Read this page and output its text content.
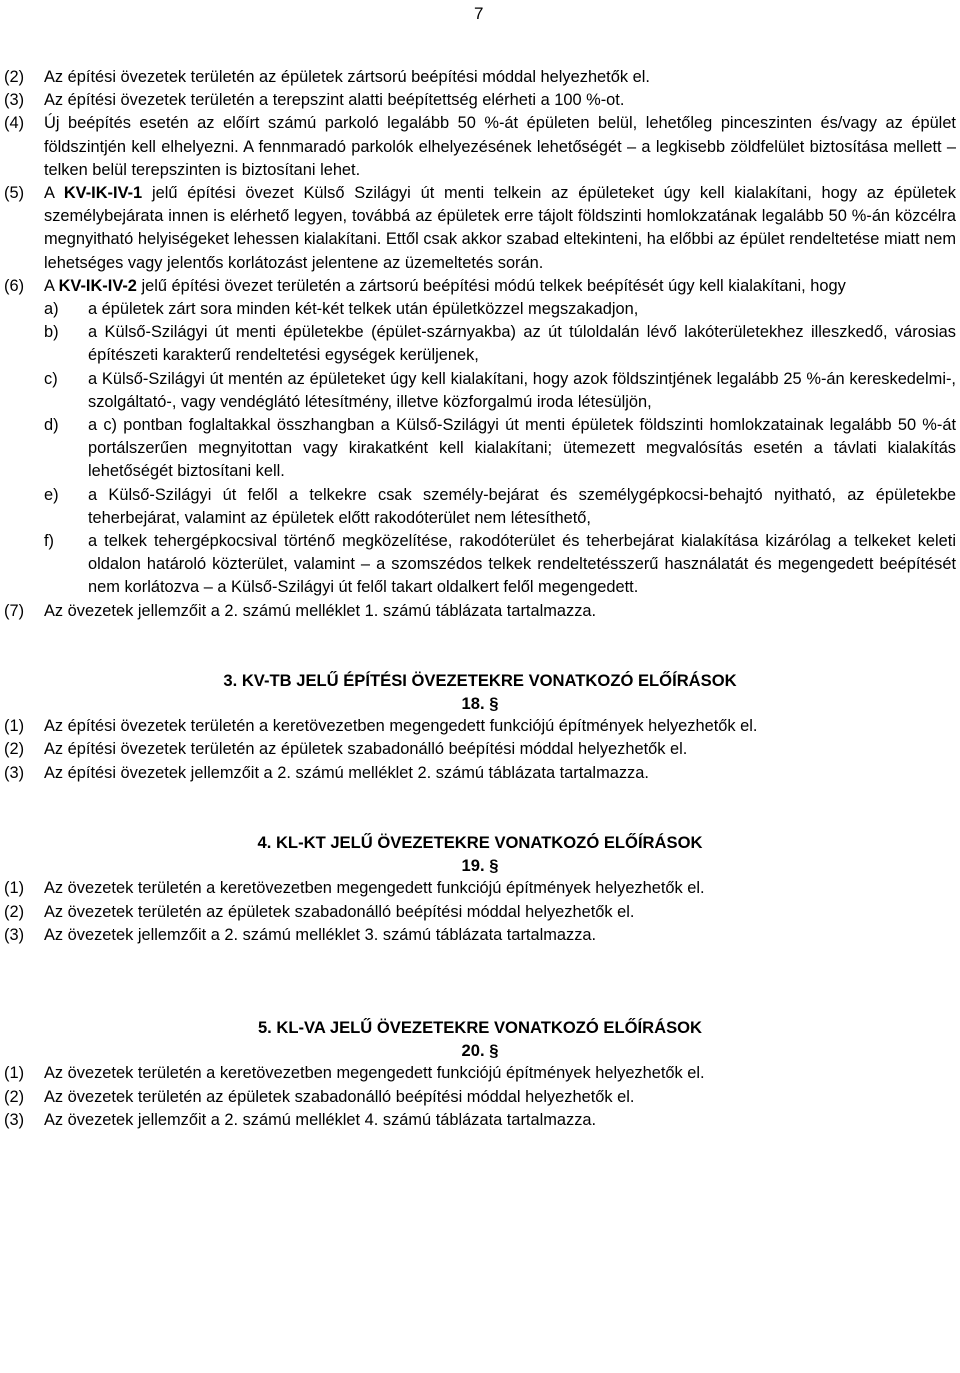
7
(2)	Az építési övezetek területén az épületek zártsorú beépítési móddal helyezhetők el.
(3)	Az építési övezetek területén a terepszint alatti beépítettség elérheti a 100 %-ot.
(4)	Új beépítés esetén az előírt számú parkoló legalább 50 %-át épületen belül, lehetőleg pinceszinten és/vagy az épület földszintjén kell elhelyezni. A fennmaradó parkolók elhelyezésének lehetőségét – a legkisebb zöldfelület biztosítása mellett – telken belül terepszinten is biztosítani lehet.
(5)	A KV-IK-IV-1 jelű építési övezet Külső Szilágyi út menti telkein az épületeket úgy kell kialakítani, hogy az épületek személybejárata innen is elérhető legyen, továbbá az épületek erre tájolt földszinti homlokzatának legalább 50 %-án közcélra megnyitható helyiségeket lehessen kialakítani. Ettől csak akkor szabad eltekinteni, ha előbbi az épület rendeltetése miatt nem lehetséges vagy jelentős korlátozást jelentene az üzemeltetés során.
(6)	A KV-IK-IV-2 jelű építési övezet területén a zártsorú beépítési módú telkek beépítését úgy kell kialakítani, hogy
a)	a épületek zárt sora minden két-két telkek után épületközzel megszakadjon,
b)	a Külső-Szilágyi út menti épületekbe (épület-szárnyakba) az út túloldalán lévő lakóterületekhez illeszkedő, városias építészeti karakterű rendeltetési egységek kerüljenek,
c)	a Külső-Szilágyi út mentén az épületeket úgy kell kialakítani, hogy azok földszintjének legalább 25 %-án kereskedelmi-, szolgáltató-, vagy vendéglátó létesítmény, illetve közforgalmú iroda létesüljön,
d)	a c) pontban foglaltakkal összhangban a Külső-Szilágyi út menti épületek földszinti homlokzatainak legalább 50 %-át portálszerűen megnyitottan vagy kirakatként kell kialakítani; ütemezett megvalósítás esetén a távlati kialakítás lehetőségét biztosítani kell.
e)	a Külső-Szilágyi út felől a telkekre csak személy-bejárat és személygépkocsi-behajtó nyitható, az épületekbe teherbejárat, valamint az épületek előtt rakodóterület nem létesíthető,
f)	a telkek tehergépkocsival történő megközelítése, rakodóterület és teherbejárat kialakítása kizárólag a telkeket keleti oldalon határoló közterület, valamint – a szomszédos telkek rendeltetésszerű használatát és megengedett beépítését nem korlátozva – a Külső-Szilágyi út felől takart oldalkert felől megengedett.
(7)	Az övezetek jellemzőit a 2. számú melléklet 1. számú táblázata tartalmazza.
3. KV-TB JELŰ ÉPÍTÉSI ÖVEZETEKRE VONATKOZÓ ELŐÍRÁSOK
18. §
(1)	Az építési övezetek területén a keretövezetben megengedett funkciójú építmények helyezhetők el.
(2)	Az építési övezetek területén az épületek szabadonálló beépítési móddal helyezhetők el.
(3)	Az építési övezetek jellemzőit a 2. számú melléklet 2. számú táblázata tartalmazza.
4. KL-KT JELŰ ÖVEZETEKRE VONATKOZÓ ELŐÍRÁSOK
19. §
(1)	Az övezetek területén a keretövezetben megengedett funkciójú építmények helyezhetők el.
(2)	Az övezetek területén az épületek szabadonálló beépítési móddal helyezhetők el.
(3)	Az övezetek jellemzőit a 2. számú melléklet 3. számú táblázata tartalmazza.
5. KL-VA JELŰ ÖVEZETEKRE VONATKOZÓ ELŐÍRÁSOK
20. §
(1)	Az övezetek területén a keretövezetben megengedett funkciójú építmények helyezhetők el.
(2)	Az övezetek területén az épületek szabadonálló beépítési móddal helyezhetők el.
(3)	Az övezetek jellemzőit a 2. számú melléklet 4. számú táblázata tartalmazza.
